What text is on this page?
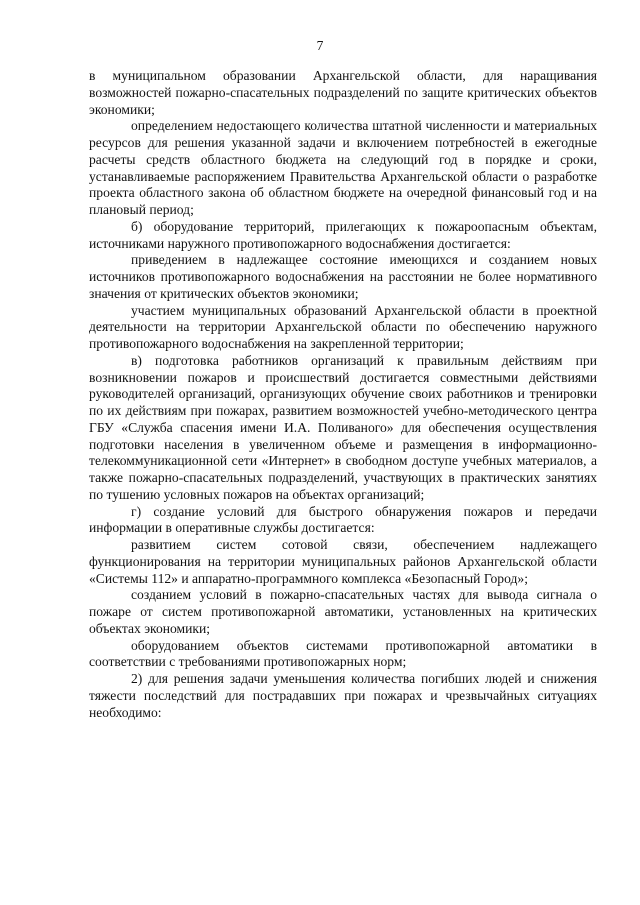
7

в муниципальном образовании Архангельской области, для наращивания возможностей пожарно-спасательных подразделений по защите критических объектов экономики;

определением недостающего количества штатной численности и материальных ресурсов для решения указанной задачи и включением потребностей в ежегодные расчеты средств областного бюджета на следующий год в порядке и сроки, устанавливаемые распоряжением Правительства Архангельской области о разработке проекта областного закона об областном бюджете на очередной финансовый год и на плановый период;

б) оборудование территорий, прилегающих к пожароопасным объектам, источниками наружного противопожарного водоснабжения достигается:

приведением в надлежащее состояние имеющихся и созданием новых источников противопожарного водоснабжения на расстоянии не более нормативного значения от критических объектов экономики;

участием муниципальных образований Архангельской области в проектной деятельности на территории Архангельской области по обеспечению наружного противопожарного водоснабжения на закрепленной территории;

в) подготовка работников организаций к правильным действиям при возникновении пожаров и происшествий достигается совместными действиями руководителей организаций, организующих обучение своих работников и тренировки по их действиям при пожарах, развитием возможностей учебно-методического центра ГБУ «Служба спасения имени И.А. Поливаного» для обеспечения осуществления подготовки населения в увеличенном объеме и размещения в информационно-телекоммуникационной сети «Интернет» в свободном доступе учебных материалов, а также пожарно-спасательных подразделений, участвующих в практических занятиях по тушению условных пожаров на объектах организаций;

г) создание условий для быстрого обнаружения пожаров и передачи информации в оперативные службы достигается:

развитием систем сотовой связи, обеспечением надлежащего функционирования на территории муниципальных районов Архангельской области «Системы 112» и аппаратно-программного комплекса «Безопасный Город»;

созданием условий в пожарно-спасательных частях для вывода сигнала о пожаре от систем противопожарной автоматики, установленных на критических объектах экономики;

оборудованием объектов системами противопожарной автоматики в соответствии с требованиями противопожарных норм;

2) для решения задачи уменьшения количества погибших людей и снижения тяжести последствий для пострадавших при пожарах и чрезвычайных ситуациях необходимо:
